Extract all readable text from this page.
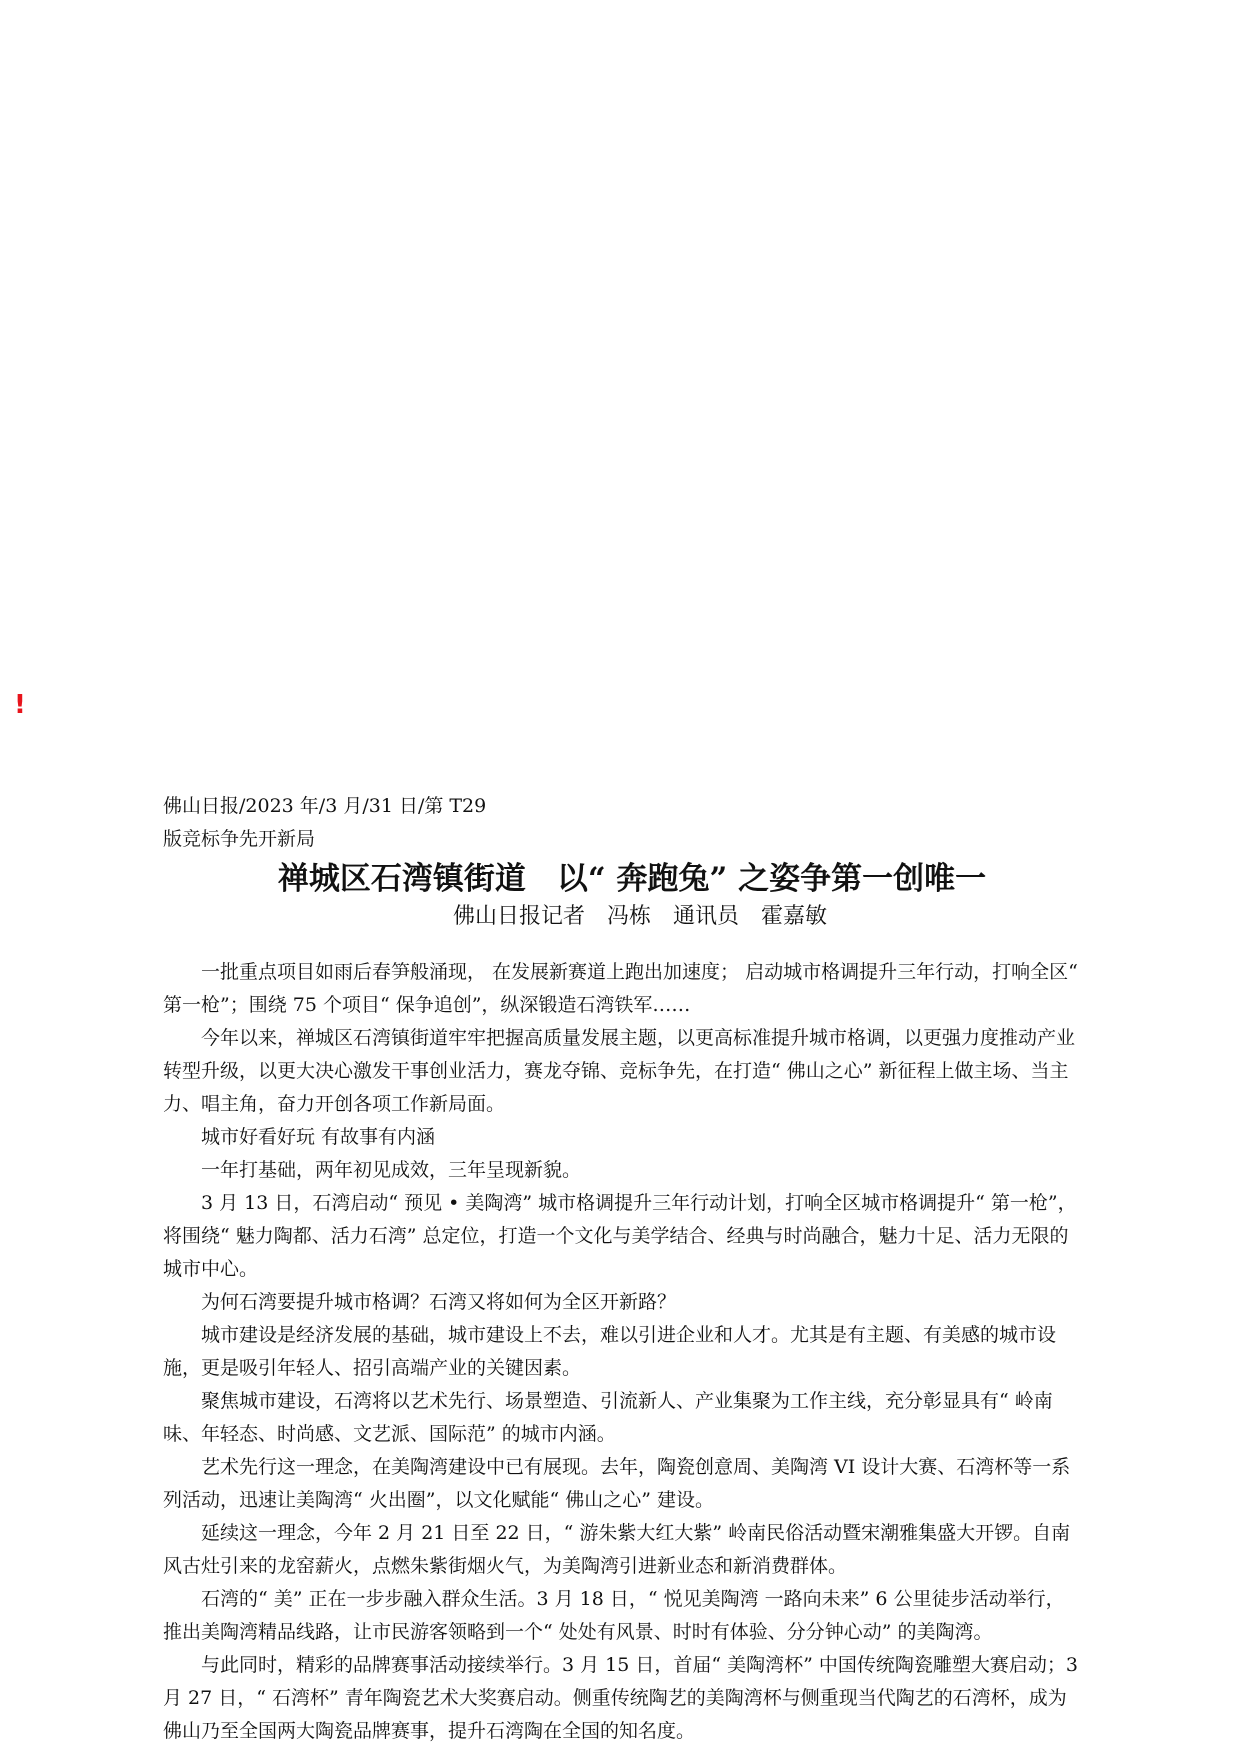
!
佛山日报/2023 年/3 月/31 日/第 T29
版竞标争先开新局
禅城区石湾镇街道　以“ 奔跑兔” 之姿争第一创唯一
佛山日报记者　冯栋　通讯员　霍嘉敏

一批重点项目如雨后春笋般涌现， 在发展新赛道上跑出加速度； 启动城市格调提升三年行动，打响全区“ 第一枪”；围绕 75 个项目“ 保争追创”，纵深锻造石湾铁军……

今年以来，禅城区石湾镇街道牢牢把握高质量发展主题，以更高标准提升城市格调，以更强力度推动产业转型升级，以更大决心激发干事创业活力，赛龙夺锦、竞标争先，在打造“ 佛山之心” 新征程上做主场、当主力、唱主角，奋力开创各项工作新局面。

城市好看好玩 有故事有内涵

一年打基础，两年初见成效，三年呈现新貌。

3 月 13 日，石湾启动“ 预见 • 美陶湾” 城市格调提升三年行动计划，打响全区城市格调提升“ 第一枪”，将围绕“ 魅力陶都、活力石湾” 总定位，打造一个文化与美学结合、经典与时尚融合，魅力十足、活力无限的城市中心。

为何石湾要提升城市格调？石湾又将如何为全区开新路？

城市建设是经济发展的基础，城市建设上不去，难以引进企业和人才。尤其是有主题、有美感的城市设施，更是吸引年轻人、招引高端产业的关键因素。

聚焦城市建设，石湾将以艺术先行、场景塑造、引流新人、产业集聚为工作主线，充分彰显具有“ 岭南味、年轻态、时尚感、文艺派、国际范” 的城市内涵。

艺术先行这一理念，在美陶湾建设中已有展现。去年，陶瓷创意周、美陶湾 VI 设计大赛、石湾杯等一系列活动，迅速让美陶湾“ 火出圈”，以文化赋能“ 佛山之心” 建设。

延续这一理念，今年 2 月 21 日至 22 日，“ 游朱紫大红大紫” 岭南民俗活动暨宋潮雅集盛大开锣。自南风古灶引来的龙窑薪火，点燃朱紫街烟火气，为美陶湾引进新业态和新消费群体。

石湾的“ 美” 正在一步步融入群众生活。3 月 18 日，“ 悦见美陶湾 一路向未来” 6 公里徒步活动举行，推出美陶湾精品线路，让市民游客领略到一个“ 处处有风景、时时有体验、分分钟心动” 的美陶湾。

与此同时，精彩的品牌赛事活动接续举行。3 月 15 日，首届“ 美陶湾杯” 中国传统陶瓷雕塑大赛启动；3 月 27 日，“ 石湾杯” 青年陶瓷艺术大奖赛启动。侧重传统陶艺的美陶湾杯与侧重现当代陶艺的石湾杯，成为佛山乃至全国两大陶瓷品牌赛事，提升石湾陶在全国的知名度。
